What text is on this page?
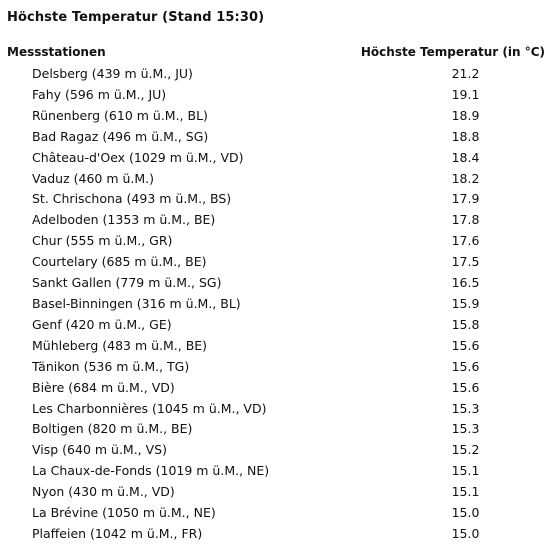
Höchste Temperatur (Stand 15:30)
Messstationen	Höchste Temperatur (in °C)
Delsberg (439 m ü.M., JU)	21.2
Fahy (596 m ü.M., JU)	19.1
Rünenberg (610 m ü.M., BL)	18.9
Bad Ragaz (496 m ü.M., SG)	18.8
Château-d'Oex (1029 m ü.M., VD)	18.4
Vaduz (460 m ü.M.)	18.2
St. Chrischona (493 m ü.M., BS)	17.9
Adelboden (1353 m ü.M., BE)	17.8
Chur (555 m ü.M., GR)	17.6
Courtelary (685 m ü.M., BE)	17.5
Sankt Gallen (779 m ü.M., SG)	16.5
Basel-Binningen (316 m ü.M., BL)	15.9
Genf (420 m ü.M., GE)	15.8
Mühleberg (483 m ü.M., BE)	15.6
Tänikon (536 m ü.M., TG)	15.6
Bière (684 m ü.M., VD)	15.6
Les Charbonnières (1045 m ü.M., VD)	15.3
Boltigen (820 m ü.M., BE)	15.3
Visp (640 m ü.M., VS)	15.2
La Chaux-de-Fonds (1019 m ü.M., NE)	15.1
Nyon (430 m ü.M., VD)	15.1
La Brévine (1050 m ü.M., NE)	15.0
Plaffeien (1042 m ü.M., FR)	15.0
